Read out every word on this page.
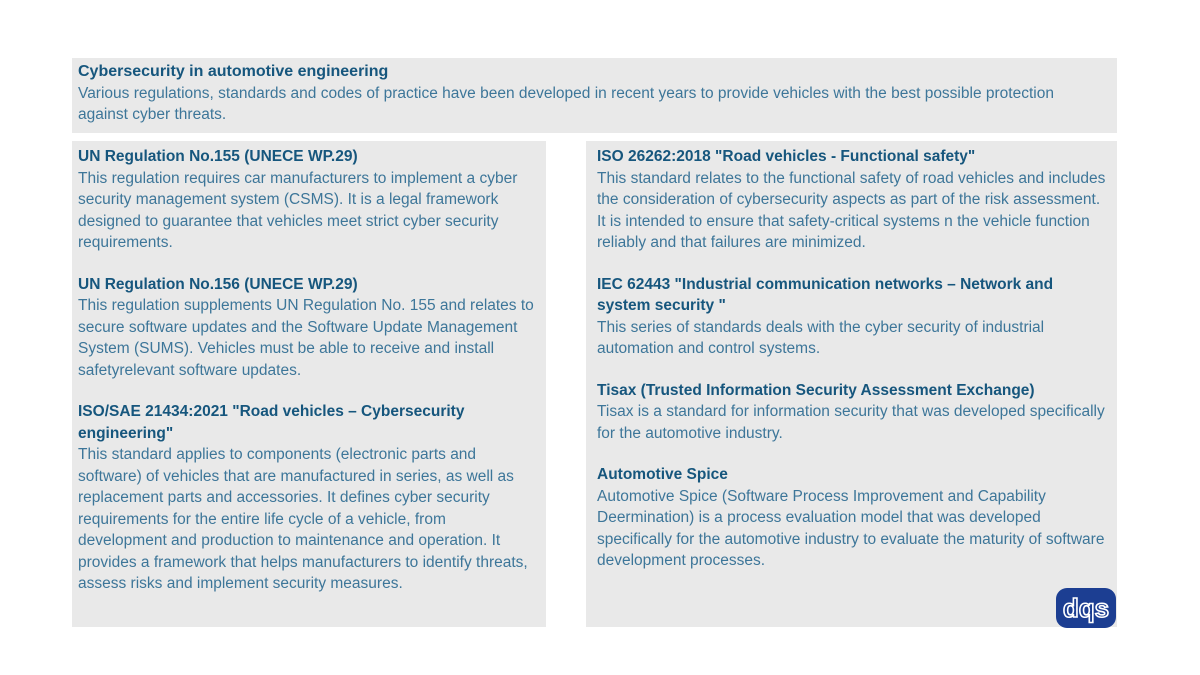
Cybersecurity in automotive engineering

Various regulations, standards and codes of practice have been developed in recent years to provide vehicles with the best possible protection against cyber threats.

UN Regulation No.155 (UNECE WP.29)

This regulation requires car manufacturers to implement a cyber security management system (CSMS). It is a legal framework designed to guarantee that vehicles meet strict cyber security requirements.

UN Regulation No.156 (UNECE WP.29)

This regulation supplements UN Regulation No. 155 and relates to secure software updates and the Software Update Management System (SUMS). Vehicles must be able to receive and install safetyrelevant software updates.

ISO/SAE 21434:2021 "Road vehicles – Cybersecurity engineering"

This standard applies to components (electronic parts and software) of vehicles that are manufactured in series, as well as replacement parts and accessories. It defines cyber security requirements for the entire life cycle of a vehicle, from development and production to maintenance and operation. It provides a framework that helps manufacturers to identify threats, assess risks and implement security measures.

ISO 26262:2018 "Road vehicles - Functional safety"

This standard relates to the functional safety of road vehicles and includes the consideration of cybersecurity aspects as part of the risk assessment. It is intended to ensure that safety-critical systems n the vehicle function reliably and that failures are minimized.

IEC 62443 "Industrial communication networks – Network and system security "

This series of standards deals with the cyber security of industrial automation and control systems.

Tisax (Trusted Information Security Assessment Exchange)

Tisax is a standard for information security that was developed specifically for the automotive industry.

Automotive Spice

Automotive Spice (Software Process Improvement and Capability Deermination) is a process evaluation model that was developed specifically for the automotive industry to evaluate the maturity of software development processes.

dqs
